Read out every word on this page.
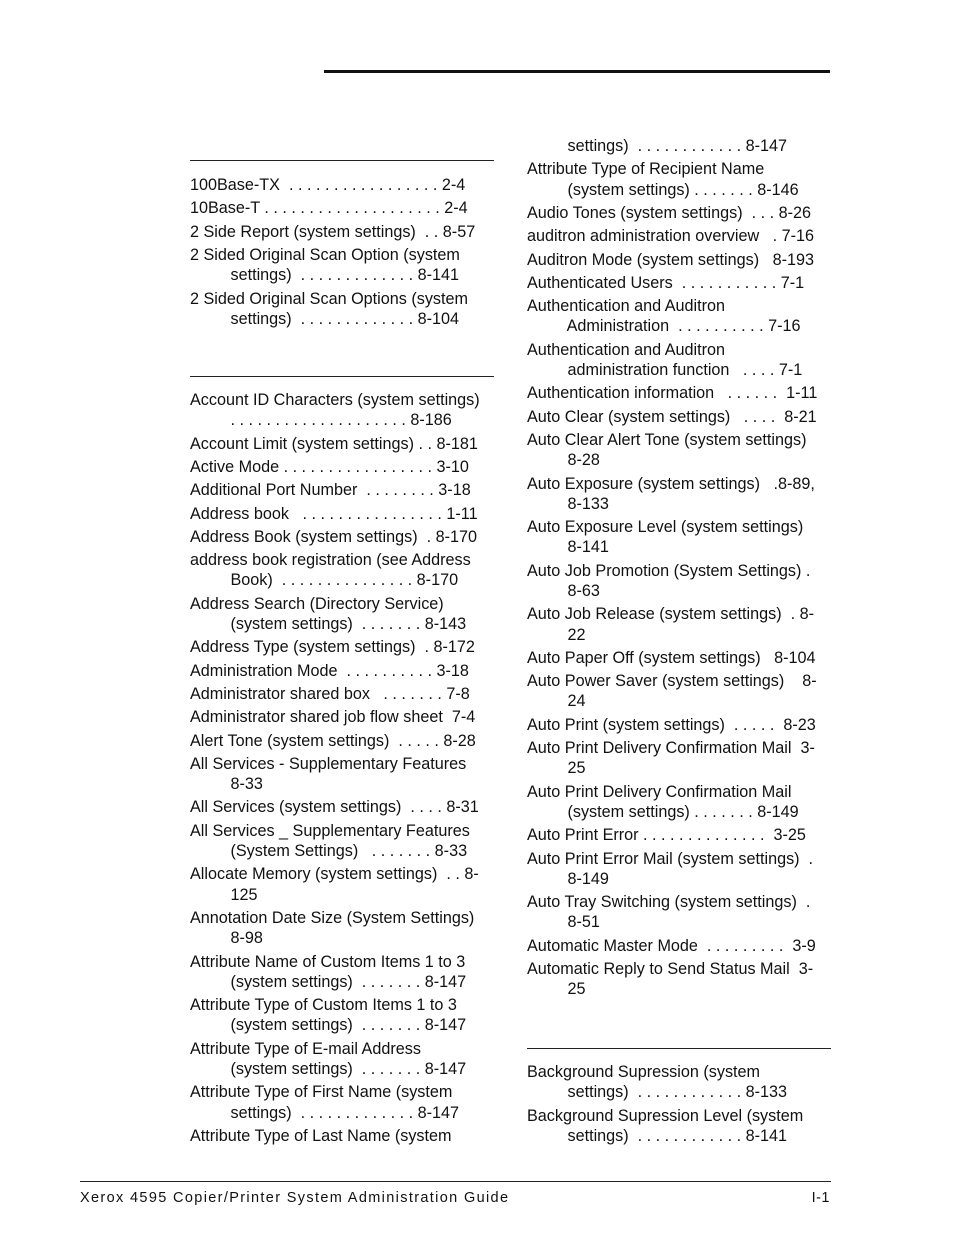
100Base-TX  . . . . . . . . . . . . . . . . . 2-4
10Base-T . . . . . . . . . . . . . . . . . . . . 2-4
2 Side Report (system settings)  . . 8-57
2 Sided Original Scan Option (system
settings)  . . . . . . . . . . . . . 8-141
2 Sided Original Scan Options (system
settings)  . . . . . . . . . . . . . 8-104
Account ID Characters (system settings)
. . . . . . . . . . . . . . . . . . . . 8-186
Account Limit (system settings) . . 8-181
Active Mode . . . . . . . . . . . . . . . . . 3-10
Additional Port Number  . . . . . . . . 3-18
Address book   . . . . . . . . . . . . . . . . 1-11
Address Book (system settings)  . 8-170
address book registration (see Address
Book)  . . . . . . . . . . . . . . . 8-170
Address Search (Directory Service)
(system settings)  . . . . . . . 8-143
Address Type (system settings)  . 8-172
Administration Mode  . . . . . . . . . . 3-18
Administrator shared box   . . . . . . . 7-8
Administrator shared job flow sheet  7-4
Alert Tone (system settings)  . . . . . 8-28
All Services - Supplementary Features
8-33
All Services (system settings)  . . . . 8-31
All Services _ Supplementary Features
(System Settings)   . . . . . . . 8-33
Allocate Memory (system settings)  . . 8-
125
Annotation Date Size (System Settings)
8-98
Attribute Name of Custom Items 1 to 3
(system settings)  . . . . . . . 8-147
Attribute Type of Custom Items 1 to 3
(system settings)  . . . . . . . 8-147
Attribute Type of E-mail Address
(system settings)  . . . . . . . 8-147
Attribute Type of First Name (system
settings)  . . . . . . . . . . . . . 8-147
Attribute Type of Last Name (system
settings)  . . . . . . . . . . . . 8-147
Attribute Type of Recipient Name
(system settings) . . . . . . . 8-146
Audio Tones (system settings)  . . . 8-26
auditron administration overview   . 7-16
Auditron Mode (system settings)   8-193
Authenticated Users  . . . . . . . . . . . 7-1
Authentication and Auditron
Administration  . . . . . . . . . . 7-16
Authentication and Auditron
administration function   . . . . 7-1
Authentication information   . . . . . .  1-11
Auto Clear (system settings)   . . . .  8-21
Auto Clear Alert Tone (system settings)
8-28
Auto Exposure (system settings)   .8-89,
8-133
Auto Exposure Level (system settings)
8-141
Auto Job Promotion (System Settings) .
8-63
Auto Job Release (system settings)  . 8-
22
Auto Paper Off (system settings)   8-104
Auto Power Saver (system settings)    8-
24
Auto Print (system settings)  . . . . .  8-23
Auto Print Delivery Confirmation Mail  3-
25
Auto Print Delivery Confirmation Mail
(system settings) . . . . . . . 8-149
Auto Print Error . . . . . . . . . . . . . .  3-25
Auto Print Error Mail (system settings)  .
8-149
Auto Tray Switching (system settings)  .
8-51
Automatic Master Mode  . . . . . . . . .  3-9
Automatic Reply to Send Status Mail  3-
25
Background Supression (system
settings)  . . . . . . . . . . . . 8-133
Background Supression Level (system
settings)  . . . . . . . . . . . . 8-141
Xerox 4595 Copier/Printer System Administration Guide	I-1
